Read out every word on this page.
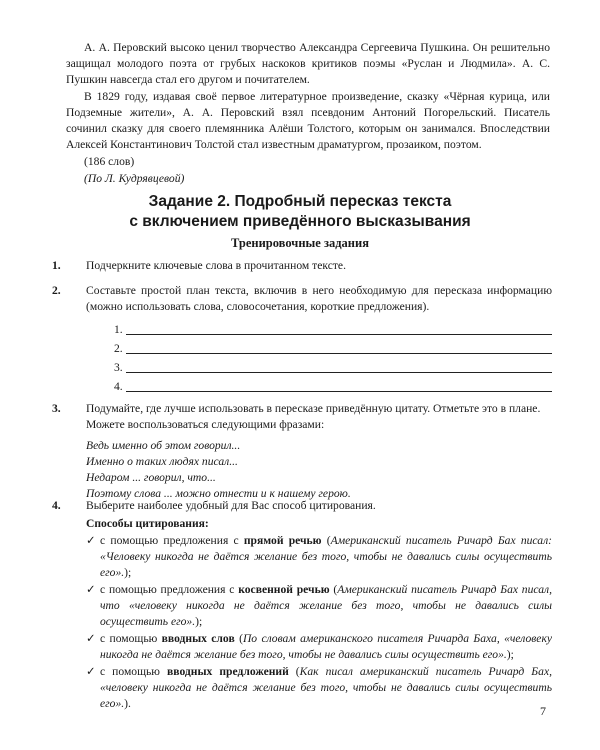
А. А. Перовский высоко ценил творчество Александра Сергеевича Пушкина. Он решительно защищал молодого поэта от грубых наскоков критиков поэмы «Руслан и Людмила». А. С. Пушкин навсегда стал его другом и почитателем.

В 1829 году, издавая своё первое литературное произведение, сказку «Чёрная курица, или Подземные жители», А. А. Перовский взял псевдоним Антоний Погорельский. Писатель сочинил сказку для своего племянника Алёши Толстого, которым он занимался. Впоследствии Алексей Константинович Толстой стал известным драматургом, прозаиком, поэтом.

(186 слов)

(По Л. Кудрявцевой)

Задание 2. Подробный пересказ текста
с включением приведённого высказывания
Тренировочные задания
1. Подчеркните ключевые слова в прочитанном тексте.
2. Составьте простой план текста, включив в него необходимую для пересказа информацию (можно использовать слова, словосочетания, короткие предложения).
1.
2.
3.
4.
3. Подумайте, где лучше использовать в пересказе приведённую цитату. Отметьте это в плане.
Можете воспользоваться следующими фразами:

Ведь именно об этом говорил...

Именно о таких людях писал...

Недаром ... говорил, что...

Поэтому слова ... можно отнести и к нашему герою.

4. Выберите наиболее удобный для Вас способ цитирования.

Способы цитирования:

✓ с помощью предложения с прямой речью (Американский писатель Ричард Бах писал: «Человеку никогда не даётся желание без того, чтобы не давались силы осуществить его».);
✓ с помощью предложения с косвенной речью (Американский писатель Ричард Бах писал, что «человеку никогда не даётся желание без того, чтобы не давались силы осуществить его».);
✓ с помощью вводных слов (По словам американского писателя Ричарда Баха, «человеку никогда не даётся желание без того, чтобы не давались силы осуществить его».);
✓ с помощью вводных предложений (Как писал американский писатель Ричард Бах, «человеку никогда не даётся желание без того, чтобы не давались силы осуществить его».).
7
